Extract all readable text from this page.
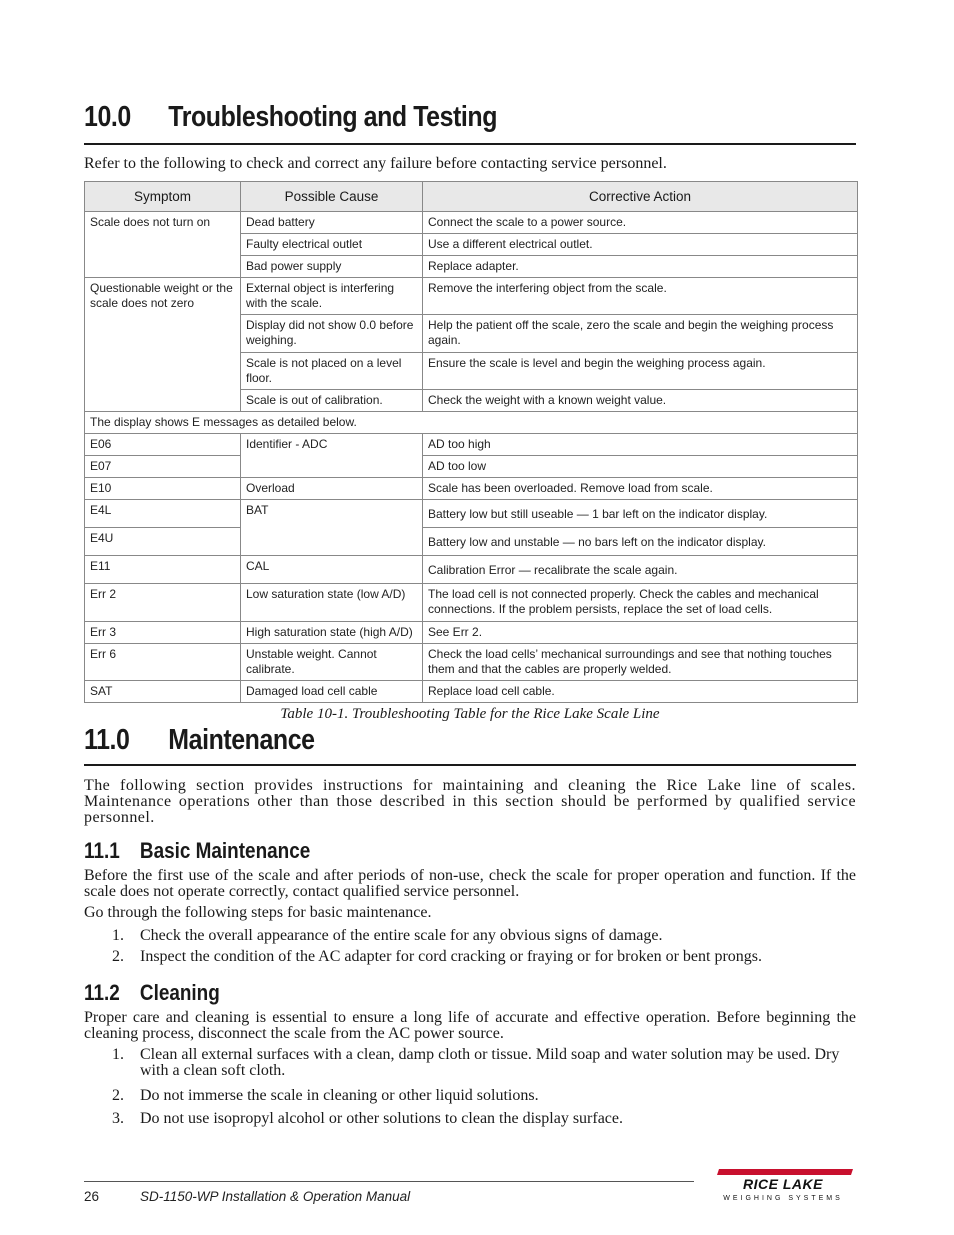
10.0 Troubleshooting and Testing
Refer to the following to check and correct any failure before contacting service personnel.
Symptom	Possible Cause	Corrective Action
Scale does not turn on	Dead battery	Connect the scale to a power source.
	Faulty electrical outlet	Use a different electrical outlet.
	Bad power supply	Replace adapter.
Questionable weight or the scale does not zero	External object is interfering with the scale.	Remove the interfering object from the scale.
	Display did not show 0.0 before weighing.	Help the patient off the scale, zero the scale and begin the weighing process again.
	Scale is not placed on a level floor.	Ensure the scale is level and begin the weighing process again.
	Scale is out of calibration.	Check the weight with a known weight value.
The display shows E messages as detailed below.		
E06	Identifier - ADC	AD too high
E07		AD too low
E10	Overload	Scale has been overloaded. Remove load from scale.
E4L	BAT	Battery low but still useable — 1 bar left on the indicator display.
E4U		Battery low and unstable — no bars left on the indicator display.
E11	CAL	Calibration Error — recalibrate the scale again.
Err 2	Low saturation state (low A/D)	The load cell is not connected properly. Check the cables and mechanical connections. If the problem persists, replace the set of load cells.
Err 3	High saturation state (high A/D)	See Err 2.
Err 6	Unstable weight. Cannot calibrate.	Check the load cells’ mechanical surroundings and see that nothing touches them and that the cables are properly welded.
SAT	Damaged load cell cable	Replace load cell cable.
Table 10-1. Troubleshooting Table for the Rice Lake Scale Line
11.0 Maintenance
The following section provides instructions for maintaining and cleaning the Rice Lake line of scales. Maintenance operations other than those described in this section should be performed by qualified service personnel.
11.1 Basic Maintenance
Before the first use of the scale and after periods of non-use, check the scale for proper operation and function. If the scale does not operate correctly, contact qualified service personnel.
Go through the following steps for basic maintenance.
1. Check the overall appearance of the entire scale for any obvious signs of damage.
2. Inspect the condition of the AC adapter for cord cracking or fraying or for broken or bent prongs.
11.2 Cleaning
Proper care and cleaning is essential to ensure a long life of accurate and effective operation. Before beginning the cleaning process, disconnect the scale from the AC power source.
1. Clean all external surfaces with a clean, damp cloth or tissue. Mild soap and water solution may be used. Dry with a clean soft cloth.
2. Do not immerse the scale in cleaning or other liquid solutions.
3. Do not use isopropyl alcohol or other solutions to clean the display surface.
26	SD-1150-WP Installation & Operation Manual
RICE LAKE
WEIGHING SYSTEMS
